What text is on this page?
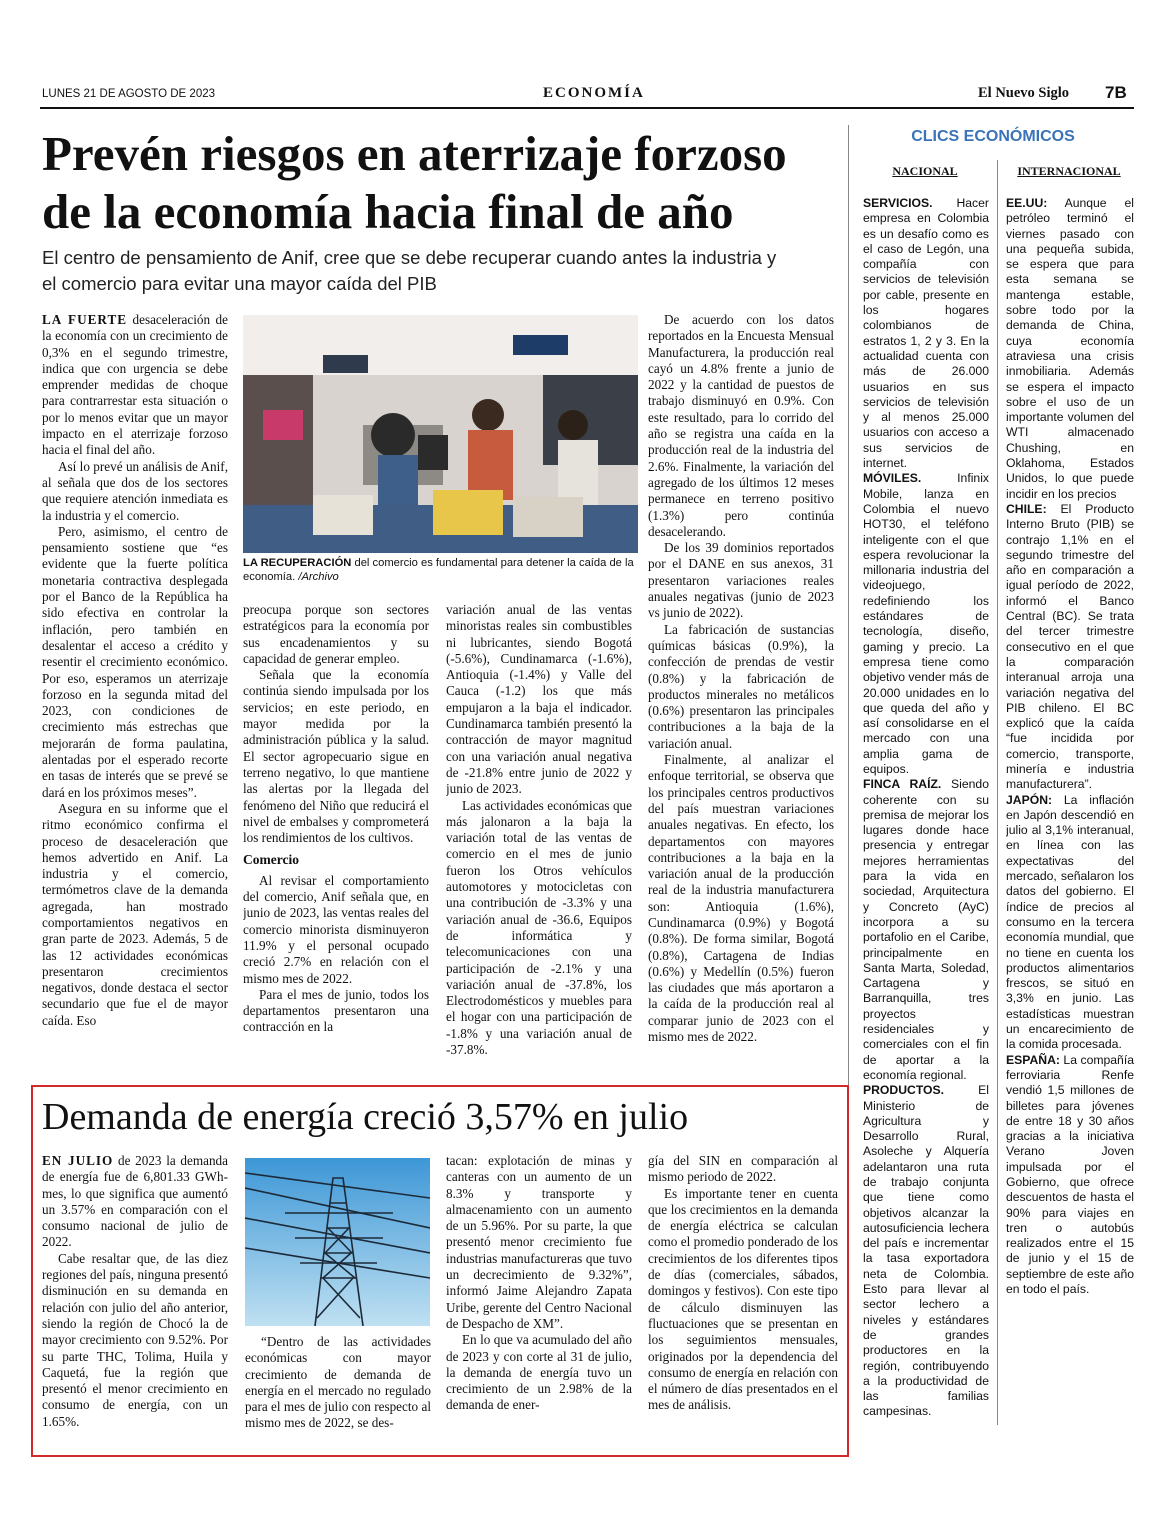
LUNES 21 DE AGOSTO DE 2023	ECONOMÍA	El Nuevo Siglo 7B
Prevén riesgos en aterrizaje forzoso
de la economía hacia final de año
El centro de pensamiento de Anif, cree que se debe recuperar cuando antes la industria y
el comercio para evitar una mayor caída del PIB

LA FUERTE desaceleración de la economía con un crecimiento de 0,3% en el segundo trimestre, indica que con urgencia se debe emprender medidas de choque para contrarrestar esta situación o por lo menos evitar que un mayor impacto en el aterrizaje forzoso hacia el final del año.

Así lo prevé un análisis de Anif, al señala que dos de los sectores que requiere atención inmediata es la industria y el comercio.

Pero, asimismo, el centro de pensamiento sostiene que “es evidente que la fuerte política monetaria contractiva desplegada por el Banco de la República ha sido efectiva en controlar la inflación, pero también en desalentar el acceso a crédito y resentir el crecimiento económico. Por eso, esperamos un aterrizaje forzoso en la segunda mitad del 2023, con condiciones de crecimiento más estrechas que mejorarán de forma paulatina, alentadas por el esperado recorte en tasas de interés que se prevé se dará en los próximos meses”.

Asegura en su informe que el ritmo económico confirma el proceso de desaceleración que hemos advertido en Anif. La industria y el comercio, termómetros clave de la demanda agregada, han mostrado comportamientos negativos en gran parte de 2023. Además, 5 de las 12 actividades económicas presentaron crecimientos negativos, donde destaca el sector secundario que fue el de mayor caída. Eso

LA RECUPERACIÓN del comercio es fundamental para detener la caída de la economía. /Archivo

preocupa porque son sectores estratégicos para la economía por sus encadenamientos y su capacidad de generar empleo.

Señala que la economía continúa siendo impulsada por los servicios; en este periodo, en mayor medida por la administración pública y la salud. El sector agropecuario sigue en terreno negativo, lo que mantiene las alertas por la llegada del fenómeno del Niño que reducirá el nivel de embalses y comprometerá los rendimientos de los cultivos.

Comercio

Al revisar el comportamiento del comercio, Anif señala que, en junio de 2023, las ventas reales del comercio minorista disminuyeron 11.9% y el personal ocupado creció 2.7% en relación con el mismo mes de 2022.

Para el mes de junio, todos los departamentos presentaron una contracción en la

variación anual de las ventas minoristas reales sin combustibles ni lubricantes, siendo Bogotá (-5.6%), Cundinamarca (-1.6%), Antioquia (-1.4%) y Valle del Cauca (-1.2) los que más empujaron a la baja el indicador. Cundinamarca también presentó la contracción de mayor magnitud con una variación anual negativa de -21.8% entre junio de 2022 y junio de 2023.

Las actividades económicas que más jalonaron a la baja la variación total de las ventas de comercio en el mes de junio fueron los Otros vehículos automotores y motocicletas con una contribución de -3.3% y una variación anual de -36.6, Equipos de informática y telecomunicaciones con una participación de -2.1% y una variación anual de -37.8%, los Electrodomésticos y muebles para el hogar con una participación de -1.8% y una variación anual de -37.8%.

De acuerdo con los datos reportados en la Encuesta Mensual Manufacturera, la producción real cayó un 4.8% frente a junio de 2022 y la cantidad de puestos de trabajo disminuyó en 0.9%. Con este resultado, para lo corrido del año se registra una caída en la producción real de la industria del 2.6%. Finalmente, la variación del agregado de los últimos 12 meses permanece en terreno positivo (1.3%) pero continúa desacelerando.

De los 39 dominios reportados por el DANE en sus anexos, 31 presentaron variaciones reales anuales negativas (junio de 2023 vs junio de 2022).

La fabricación de sustancias químicas básicas (0.9%), la confección de prendas de vestir (0.8%) y la fabricación de productos minerales no metálicos (0.6%) presentaron las principales contribuciones a la baja de la variación anual.

Finalmente, al analizar el enfoque territorial, se observa que los principales centros productivos del país muestran variaciones anuales negativas. En efecto, los departamentos con mayores contribuciones a la baja en la variación anual de la producción real de la industria manufacturera son: Antioquia (1.6%), Cundinamarca (0.9%) y Bogotá (0.8%). De forma similar, Bogotá (0.8%), Cartagena de Indias (0.6%) y Medellín (0.5%) fueron las ciudades que más aportaron a la caída de la producción real al comparar junio de 2023 con el mismo mes de 2022.

CLICS ECONÓMICOS
NACIONAL	INTERNACIONAL

SERVICIOS. Hacer empresa en Colombia es un desafío como es el caso de Legón, una compañía con servicios de televisión por cable, presente en los hogares colombianos de estratos 1, 2 y 3. En la actualidad cuenta con más de 26.000 usuarios en sus servicios de televisión y al menos 25.000 usuarios con acceso a sus servicios de internet.

MÓVILES. Infinix Mobile, lanza en Colombia el nuevo HOT30, el teléfono inteligente con el que espera revolucionar la millonaria industria del videojuego, redefiniendo los estándares de tecnología, diseño, gaming y precio. La empresa tiene como objetivo vender más de 20.000 unidades en lo que queda del año y así consolidarse en el mercado con una amplia gama de equipos.

FINCA RAÍZ. Siendo coherente con su premisa de mejorar los lugares donde hace presencia y entregar mejores herramientas para la vida en sociedad, Arquitectura y Concreto (AyC) incorpora a su portafolio en el Caribe, principalmente en Santa Marta, Soledad, Cartagena y Barranquilla, tres proyectos residenciales y comerciales con el fin de aportar a la economía regional.

PRODUCTOS. El Ministerio de Agricultura y Desarrollo Rural, Asoleche y Alquería adelantaron una ruta de trabajo conjunta que tiene como objetivos alcanzar la autosuficiencia lechera del país e incrementar la tasa exportadora neta de Colombia. Esto para llevar al sector lechero a niveles y estándares de grandes productores en la región, contribuyendo a la productividad de las familias campesinas.

EE.UU: Aunque el petróleo terminó el viernes pasado con una pequeña subida, se espera que para esta semana se mantenga estable, sobre todo por la demanda de China, cuya economía atraviesa una crisis inmobiliaria. Además se espera el impacto sobre el uso de un importante volumen del WTI almacenado Chushing, en Oklahoma, Estados Unidos, lo que puede incidir en los precios

CHILE: El Producto Interno Bruto (PIB) se contrajo 1,1% en el segundo trimestre del año en comparación a igual período de 2022, informó el Banco Central (BC). Se trata del tercer trimestre consecutivo en el que la comparación interanual arroja una variación negativa del PIB chileno. El BC explicó que la caída “fue incidida por comercio, transporte, minería e industria manufacturera”.

JAPÓN: La inflación en Japón descendió en julio al 3,1% interanual, en línea con las expectativas del mercado, señalaron los datos del gobierno. El índice de precios al consumo en la tercera economía mundial, que no tiene en cuenta los productos alimentarios frescos, se situó en 3,3% en junio. Las estadísticas muestran un encarecimiento de la comida procesada.

ESPAÑA: La compañía ferroviaria Renfe vendió 1,5 millones de billetes para jóvenes de entre 18 y 30 años gracias a la iniciativa Verano Joven impulsada por el Gobierno, que ofrece descuentos de hasta el 90% para viajes en tren o autobús realizados entre el 15 de junio y el 15 de septiembre de este año en todo el país.

Demanda de energía creció 3,57% en julio

EN JULIO de 2023 la demanda de energía fue de 6,801.33 GWh-mes, lo que significa que aumentó un 3.57% en comparación con el consumo nacional de julio de 2022.

Cabe resaltar que, de las diez regiones del país, ninguna presentó disminución en su demanda en relación con julio del año anterior, siendo la región de Chocó la de mayor crecimiento con 9.52%. Por su parte THC, Tolima, Huila y Caquetá, fue la región que presentó el menor crecimiento en consumo de energía, con un 1.65%.

“Dentro de las actividades económicas con mayor crecimiento de demanda de energía en el mercado no regulado para el mes de julio con respecto al mismo mes de 2022, se des-

tacan: explotación de minas y canteras con un aumento de un 8.3% y transporte y almacenamiento con un aumento de un 5.96%. Por su parte, la que presentó menor crecimiento fue industrias manufactureras que tuvo un decrecimiento de 9.32%”, informó Jaime Alejandro Zapata Uribe, gerente del Centro Nacional de Despacho de XM”.

En lo que va acumulado del año de 2023 y con corte al 31 de julio, la demanda de energía tuvo un crecimiento de un 2.98% de la demanda de ener-

gía del SIN en comparación al mismo periodo de 2022.

Es importante tener en cuenta que los crecimientos en la demanda de energía eléctrica se calculan como el promedio ponderado de los crecimientos de los diferentes tipos de días (comerciales, sábados, domingos y festivos). Con este tipo de cálculo disminuyen las fluctuaciones que se presentan en los seguimientos mensuales, originados por la dependencia del consumo de energía en relación con el número de días presentados en el mes de análisis.
